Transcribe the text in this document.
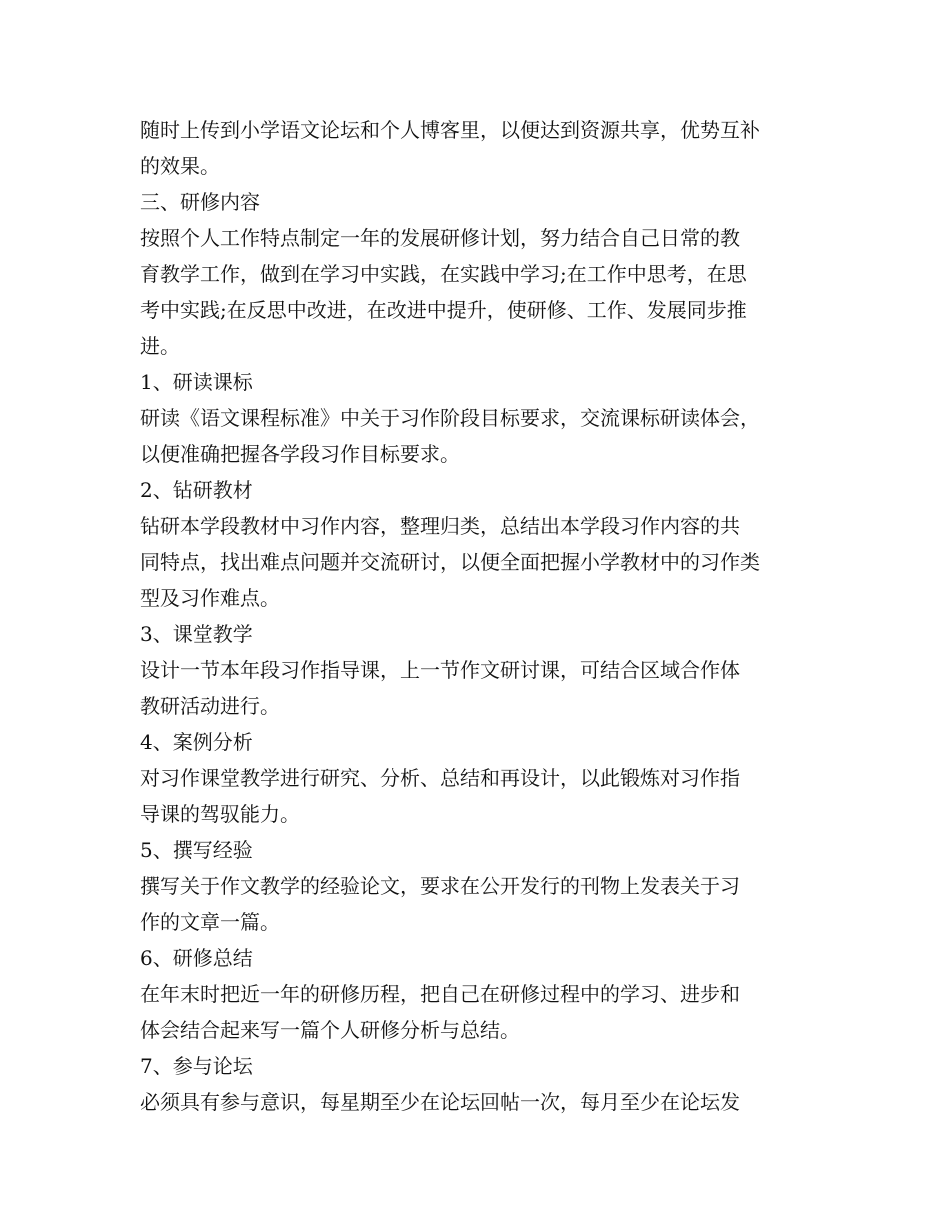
随时上传到小学语文论坛和个人博客里，以便达到资源共享，优势互补
的效果。
三、研修内容
按照个人工作特点制定一年的发展研修计划，努力结合自己日常的教
育教学工作，做到在学习中实践，在实践中学习;在工作中思考，在思
考中实践;在反思中改进，在改进中提升，使研修、工作、发展同步推
进。
1、研读课标
研读《语文课程标准》中关于习作阶段目标要求，交流课标研读体会，
以便准确把握各学段习作目标要求。
2、钻研教材
钻研本学段教材中习作内容，整理归类，总结出本学段习作内容的共
同特点，找出难点问题并交流研讨，以便全面把握小学教材中的习作类
型及习作难点。
3、课堂教学
设计一节本年段习作指导课，上一节作文研讨课，可结合区域合作体
教研活动进行。
4、案例分析
对习作课堂教学进行研究、分析、总结和再设计，以此锻炼对习作指
导课的驾驭能力。
5、撰写经验
撰写关于作文教学的经验论文，要求在公开发行的刊物上发表关于习
作的文章一篇。
6、研修总结
在年末时把近一年的研修历程，把自己在研修过程中的学习、进步和
体会结合起来写一篇个人研修分析与总结。
7、参与论坛
必须具有参与意识，每星期至少在论坛回帖一次，每月至少在论坛发
